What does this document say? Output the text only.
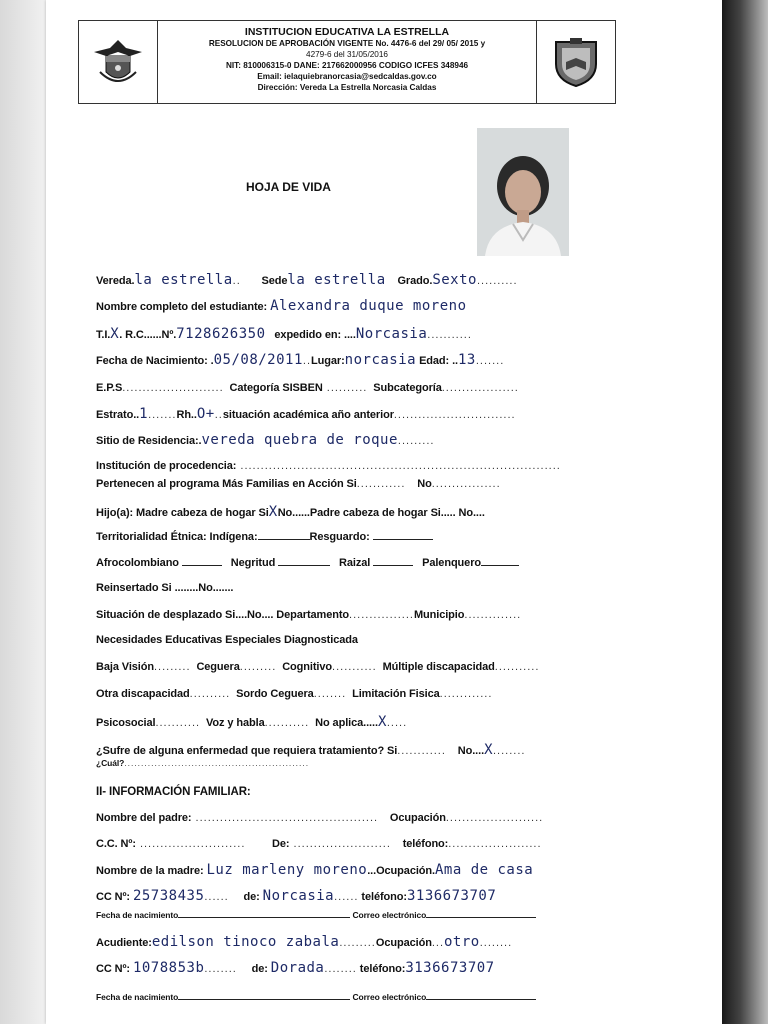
INSTITUCION EDUCATIVA LA ESTRELLA
RESOLUCION DE APROBACIÓN VIGENTE No. 4476-6 del 29/ 05/ 2015 y
4279-6 del 31/05/2016
NIT: 810006315-0 DANE: 217662000956 CODIGO ICFES 348946
Email: ielaquiebranorcasia@sedcaldas.gov.co
Dirección: Vereda La Estrella Norcasia Caldas
HOJA DE VIDA
Vereda.la estrella.. Sedela estrella Grado.Sexto..........
Nombre completo del estudiante: Alexandra duque moreno
T.I.X. R.C......Nº.7128626350 expedido en: ....Norcasia...........
Fecha de Nacimiento: .05/08/2011..Lugar:norcasia Edad: ..13.......
E.P.S......................... Categoría SISBEN .......... Subcategoría...................
Estrato..1.......Rh..O+..situación académica año anterior..............................
Sitio de Residencia:.vereda quebra de roque.........
Institución de procedencia: ...............................................................................
Pertenecen al programa Más Familias en Acción Si............ No.................
Hijo(a): Madre cabeza de hogar SiXNo......Padre cabeza de hogar Si..... No....
Territorialidad Étnica: Indígena:	Resguardo:
Afrocolombiano	Negritud	Raizal	Palenquero
Reinsertado Si ........No.......
Situación de desplazado Si....No.... Departamento................Municipio..............
Necesidades Educativas Especiales Diagnosticada
Baja Visión......... Ceguera......... Cognitivo........... Múltiple discapacidad...........
Otra discapacidad.......... Sordo Ceguera........ Limitación Fisica.............
Psicosocial........... Voz y habla........... No aplica.....X.....
¿Sufre de alguna enfermedad que requiera tratamiento? Si............ No....X........
¿Cuál?.......................................................
II- INFORMACIÓN FAMILIAR:
Nombre del padre: ............................................. Ocupación........................
C.C. Nº: .......................... De: ........................ teléfono:.......................
Nombre de la madre: Luz marleny moreno...Ocupación.Ama de casa
CC Nº: 25738435...... de: Norcasia...... teléfono:3136673707
Fecha de nacimiento	Correo electrónico
Acudiente:edilson tinoco zabala.........Ocupación...otro........
CC Nº: 1078853b........ de: Dorada........ teléfono:3136673707
Fecha de nacimiento	Correo electrónico
